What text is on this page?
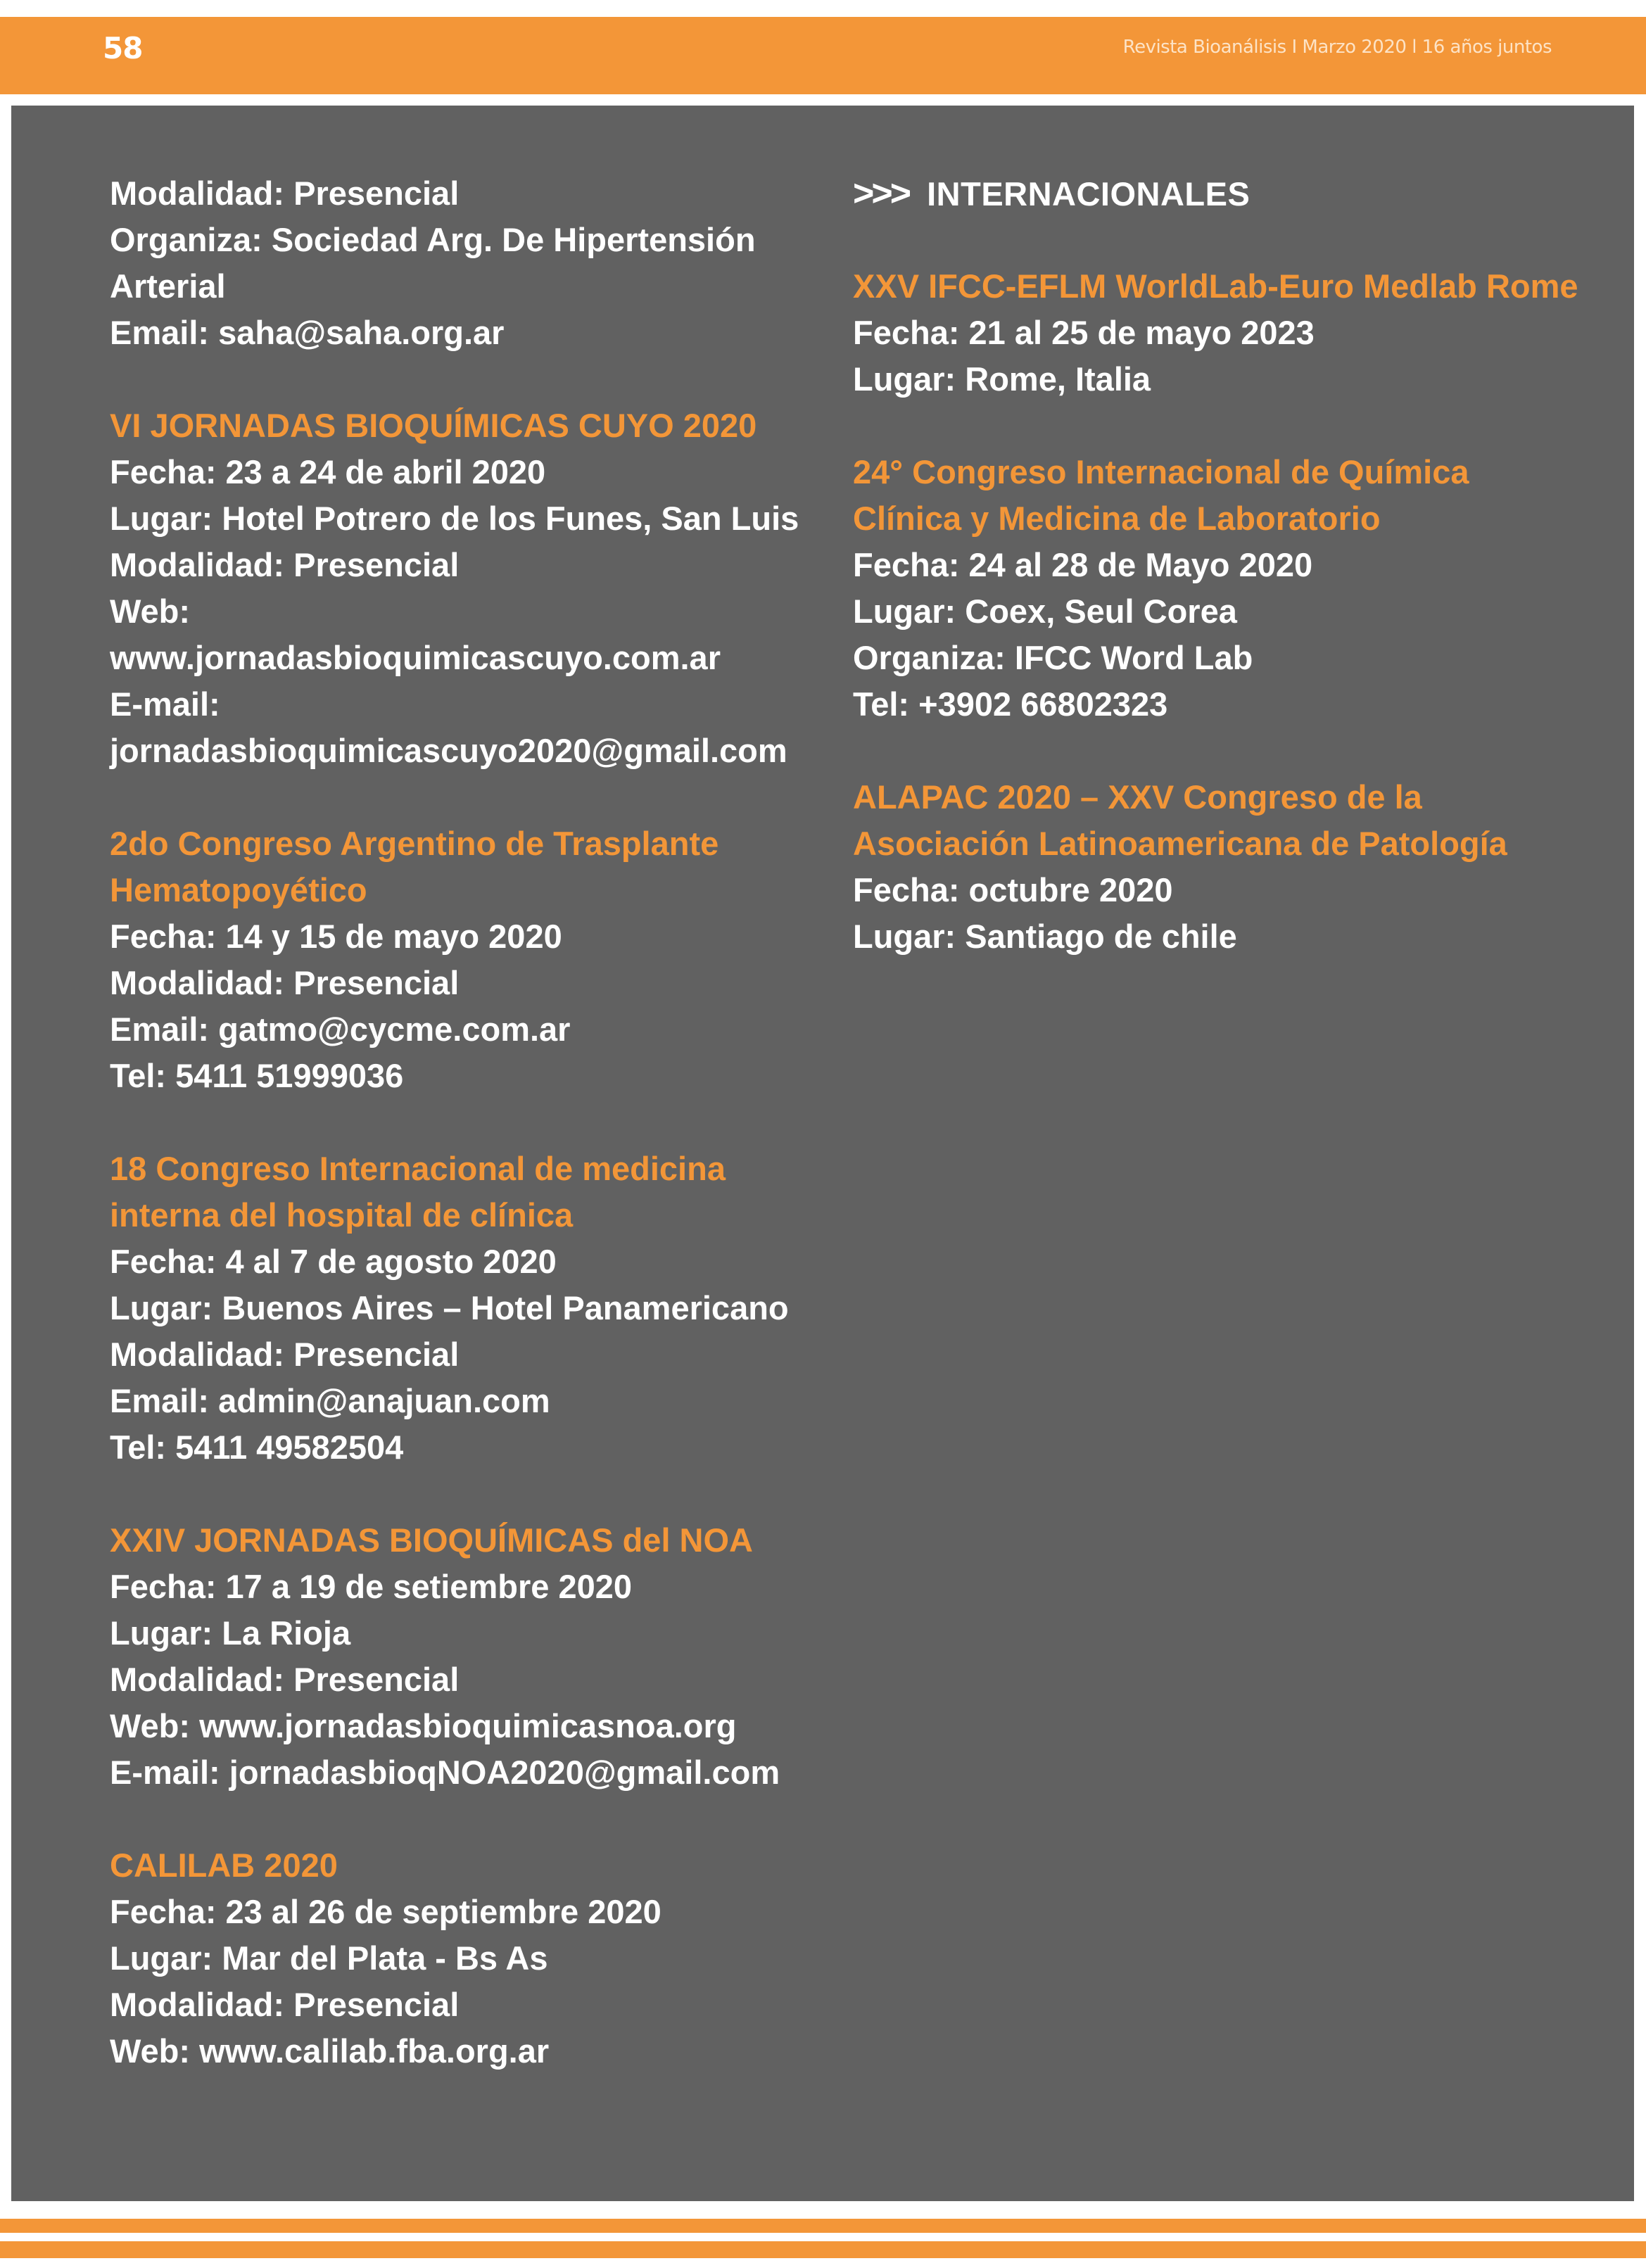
58	Revista Bioanálisis I Marzo 2020 l 16 años juntos
Modalidad: Presencial
Organiza: Sociedad Arg. De Hipertensión
Arterial
Email: saha@saha.org.ar
VI JORNADAS BIOQUÍMICAS CUYO 2020
Fecha: 23 a 24 de abril 2020
Lugar: Hotel Potrero de los Funes, San Luis
Modalidad: Presencial
Web:
www.jornadasbioquimicascuyo.com.ar
E-mail:
jornadasbioquimicascuyo2020@gmail.com
2do Congreso Argentino de Trasplante
Hematopoyético
Fecha: 14 y 15 de mayo 2020
Modalidad: Presencial
Email: gatmo@cycme.com.ar
Tel: 5411 51999036
18 Congreso Internacional de medicina
interna del hospital de clínica
Fecha: 4 al 7 de agosto 2020
Lugar: Buenos Aires – Hotel Panamericano
Modalidad: Presencial
Email: admin@anajuan.com
Tel: 5411 49582504
XXIV JORNADAS BIOQUÍMICAS del NOA
Fecha: 17 a 19 de setiembre 2020
Lugar: La Rioja
Modalidad: Presencial
Web: www.jornadasbioquimicasnoa.org
E-mail: jornadasbioqNOA2020@gmail.com
CALILAB 2020
Fecha: 23 al 26 de septiembre 2020
Lugar: Mar del Plata - Bs As
Modalidad: Presencial
Web: www.calilab.fba.org.ar
>>> INTERNACIONALES
XXV IFCC-EFLM WorldLab-Euro Medlab Rome
Fecha: 21 al 25 de mayo 2023
Lugar: Rome, Italia
24° Congreso Internacional de Química
Clínica y Medicina de Laboratorio
Fecha: 24 al 28 de Mayo 2020
Lugar: Coex, Seul Corea
Organiza: IFCC Word Lab
Tel: +3902 66802323
ALAPAC 2020 – XXV Congreso de la
Asociación Latinoamericana de Patología
Fecha: octubre 2020
Lugar: Santiago de chile
